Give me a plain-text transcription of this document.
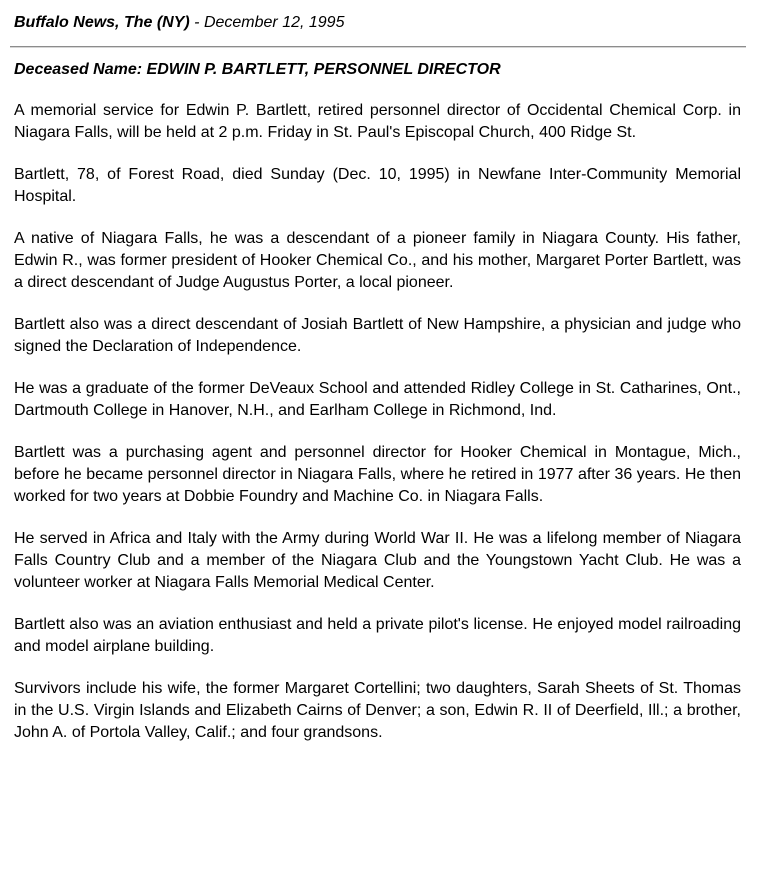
Buffalo News, The (NY) - December 12, 1995
Deceased Name: EDWIN P. BARTLETT, PERSONNEL DIRECTOR

A memorial service for Edwin P. Bartlett, retired personnel director of Occidental Chemical Corp. in Niagara Falls, will be held at 2 p.m. Friday in St. Paul's Episcopal Church, 400 Ridge St.

Bartlett, 78, of Forest Road, died Sunday (Dec. 10, 1995) in Newfane Inter-Community Memorial Hospital.

A native of Niagara Falls, he was a descendant of a pioneer family in Niagara County. His father, Edwin R., was former president of Hooker Chemical Co., and his mother, Margaret Porter Bartlett, was a direct descendant of Judge Augustus Porter, a local pioneer.

Bartlett also was a direct descendant of Josiah Bartlett of New Hampshire, a physician and judge who signed the Declaration of Independence.

He was a graduate of the former DeVeaux School and attended Ridley College in St. Catharines, Ont., Dartmouth College in Hanover, N.H., and Earlham College in Richmond, Ind.

Bartlett was a purchasing agent and personnel director for Hooker Chemical in Montague, Mich., before he became personnel director in Niagara Falls, where he retired in 1977 after 36 years. He then worked for two years at Dobbie Foundry and Machine Co. in Niagara Falls.

He served in Africa and Italy with the Army during World War II. He was a lifelong member of Niagara Falls Country Club and a member of the Niagara Club and the Youngstown Yacht Club. He was a volunteer worker at Niagara Falls Memorial Medical Center.

Bartlett also was an aviation enthusiast and held a private pilot's license. He enjoyed model railroading and model airplane building.

Survivors include his wife, the former Margaret Cortellini; two daughters, Sarah Sheets of St. Thomas in the U.S. Virgin Islands and Elizabeth Cairns of Denver; a son, Edwin R. II of Deerfield, Ill.; a brother, John A. of Portola Valley, Calif.; and four grandsons.
